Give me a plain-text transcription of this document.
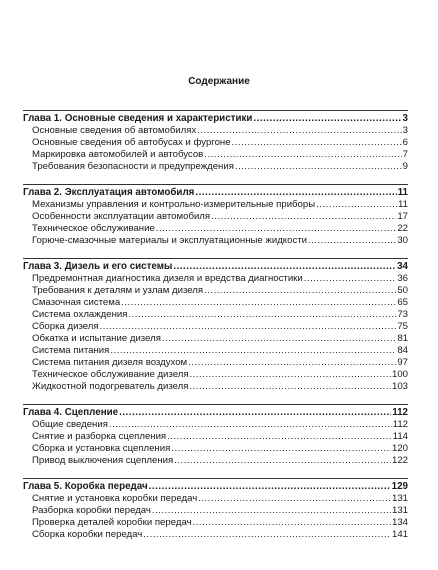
Содержание
Глава 1. Основные сведения и характеристики .....	3
Основные сведения об автомобилях .....	3
Основные сведения об автобусах и фургоне .....	6
Маркировка автомобилей и автобусов .....	7
Требования безопасности и предупреждения .....	9
Глава 2. Эксплуатация автомобиля .....	11
Механизмы управления и контрольно-измерительные приборы .....	11
Особенности эксплуатации автомобиля .....	17
Техническое обслуживание .....	22
Горюче-смазочные материалы и эксплуатационные жидкости .....	30
Глава 3. Дизель и его системы .....	34
Предремонтная диагностика дизеля и вредства диагностики .....	36
Требования к деталям и узлам дизеля .....	50
Смазочная система .....	65
Система охлаждения .....	73
Сборка дизеля .....	75
Обкатка и испытание дизеля .....	81
Система питания .....	84
Система питания дизеля воздухом .....	97
Техническое обслуживание дизеля .....	100
Жидкостной подогреватель дизеля .....	103
Глава 4. Сцепление .....	112
Общие сведения .....	112
Снятие и разборка сцепления .....	114
Сборка и установка сцепления .....	120
Привод выключения сцепления .....	122
Глава 5. Коробка передач .....	129
Снятие и установка коробки передач .....	131
Разборка коробки передач .....	131
Проверка деталей коробки передач .....	134
Сборка коробки передач .....	141
